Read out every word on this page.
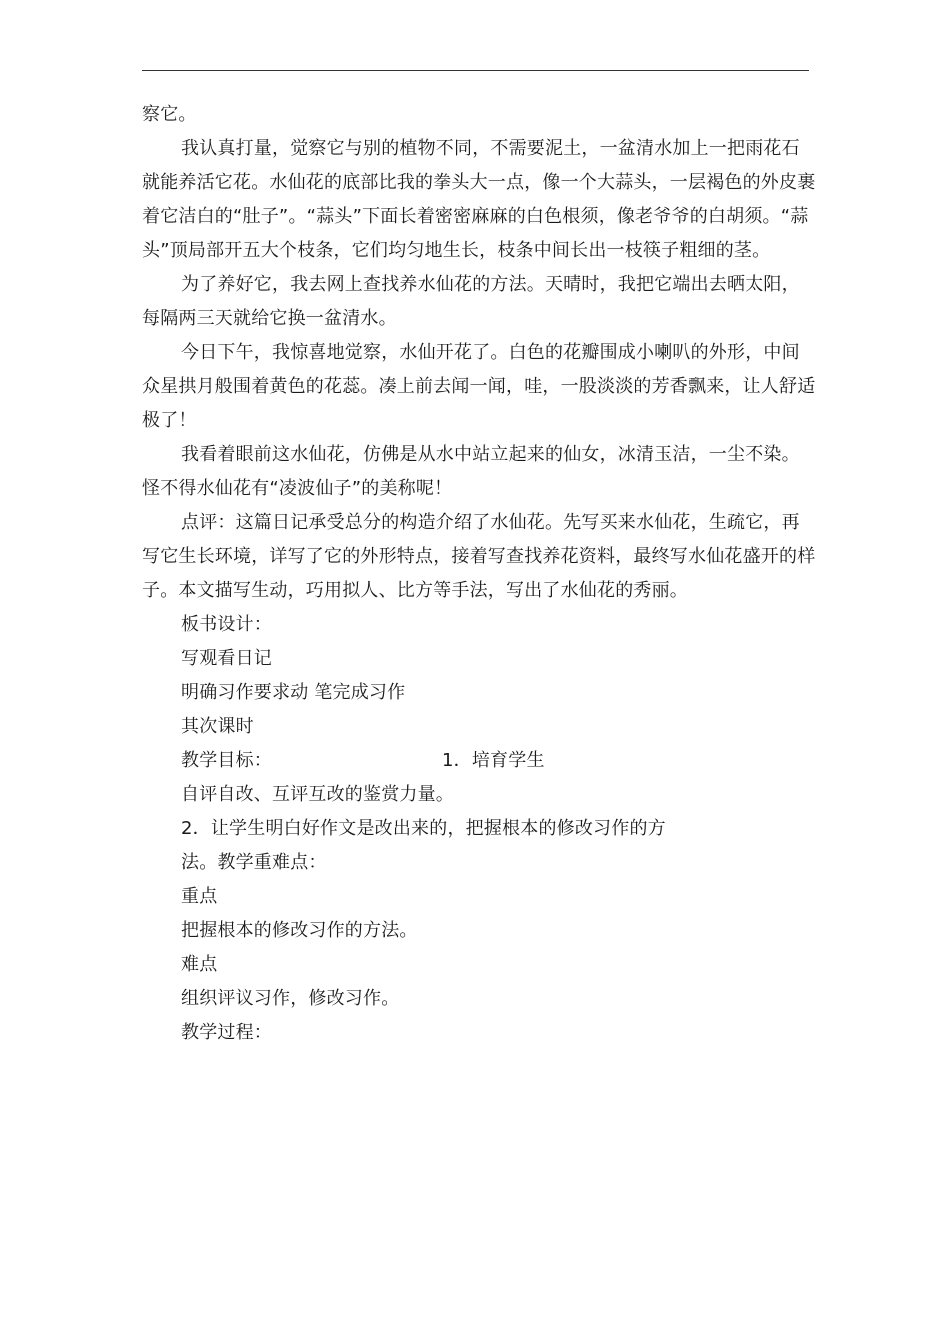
察它。

我认真打量，觉察它与别的植物不同，不需要泥土，一盆清水加上一把雨花石就能养活它花。水仙花的底部比我的拳头大一点，像一个大蒜头，一层褐色的外皮裹着它洁白的“肚子”。“蒜头”下面长着密密麻麻的白色根须，像老爷爷的白胡须。“蒜头”顶局部开五大个枝条，它们均匀地生长，枝条中间长出一枝筷子粗细的茎。

为了养好它，我去网上查找养水仙花的方法。天晴时，我把它端出去晒太阳，每隔两三天就给它换一盆清水。

今日下午，我惊喜地觉察，水仙开花了。白色的花瓣围成小喇叭的外形，中间众星拱月般围着黄色的花蕊。凑上前去闻一闻，哇，一股淡淡的芳香飘来，让人舒适极了！

我看着眼前这水仙花，仿佛是从水中站立起来的仙女，冰清玉洁，一尘不染。怪不得水仙花有“凌波仙子”的美称呢！

点评：这篇日记承受总分的构造介绍了水仙花。先写买来水仙花，生疏它，再写它生长环境，详写了它的外形特点，接着写查找养花资料，最终写水仙花盛开的样子。本文描写生动，巧用拟人、比方等手法，写出了水仙花的秀丽。

板书设计：

写观看日记

明确习作要求动 笔完成习作

其次课时

教学目标：	1．培育学生

自评自改、互评互改的鉴赏力量。

2．让学生明白好作文是改出来的，把握根本的修改习作的方

法。教学重难点：

重点

把握根本的修改习作的方法。

难点

组织评议习作，修改习作。

教学过程：
